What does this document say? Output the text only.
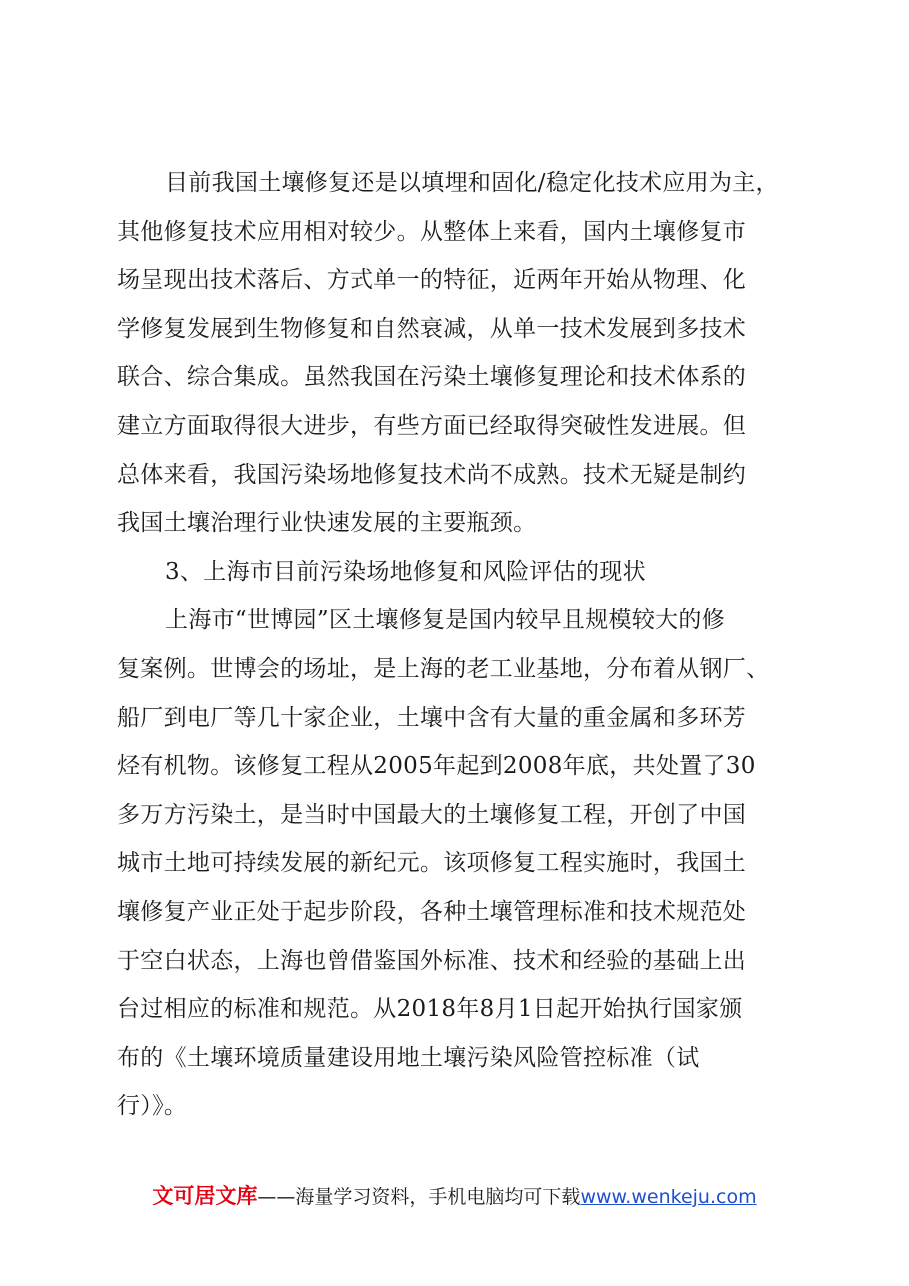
目前我国土壤修复还是以填埋和固化/稳定化技术应用为主，
其他修复技术应用相对较少。从整体上来看，国内土壤修复市
场呈现出技术落后、方式单一的特征，近两年开始从物理、化
学修复发展到生物修复和自然衰减，从单一技术发展到多技术
联合、综合集成。虽然我国在污染土壤修复理论和技术体系的
建立方面取得很大进步，有些方面已经取得突破性发进展。但
总体来看，我国污染场地修复技术尚不成熟。技术无疑是制约
我国土壤治理行业快速发展的主要瓶颈。
3、上海市目前污染场地修复和风险评估的现状
上海市“世博园”区土壤修复是国内较早且规模较大的修
复案例。世博会的场址，是上海的老工业基地，分布着从钢厂、
船厂到电厂等几十家企业，土壤中含有大量的重金属和多环芳
烃有机物。该修复工程从2005年起到2008年底，共处置了30
多万方污染土，是当时中国最大的土壤修复工程，开创了中国
城市土地可持续发展的新纪元。该项修复工程实施时，我国土
壤修复产业正处于起步阶段，各种土壤管理标准和技术规范处
于空白状态，上海也曾借鉴国外标准、技术和经验的基础上出
台过相应的标准和规范。从2018年8月1日起开始执行国家颁
布的《土壤环境质量建设用地土壤污染风险管控标准（试
行）》。
文可居文库——海量学习资料，手机电脑均可下载www.wenkeju.com
